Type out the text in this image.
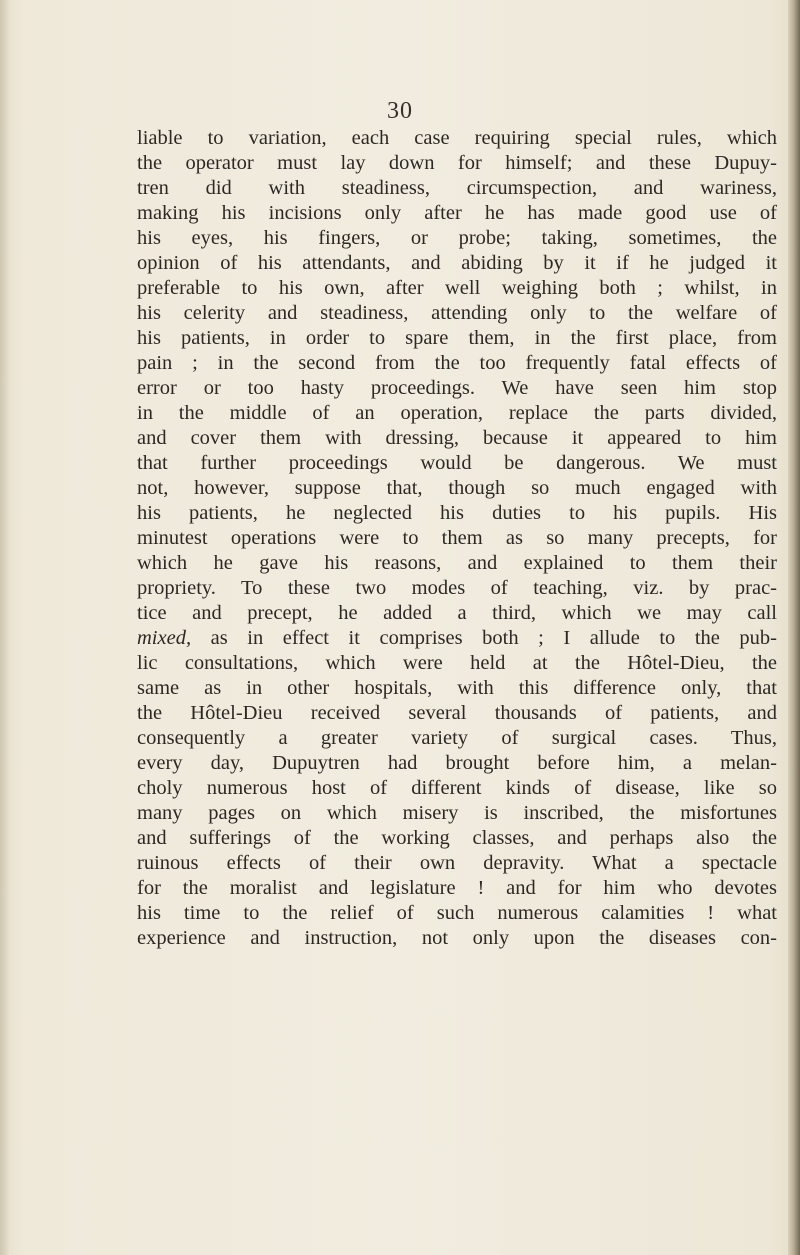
30
liable to variation, each case requiring special rules, which
the operator must lay down for himself; and these Dupuy-
tren did with steadiness, circumspection, and wariness,
making his incisions only after he has made good use of
his eyes, his fingers, or probe; taking, sometimes, the
opinion of his attendants, and abiding by it if he judged it
preferable to his own, after well weighing both ; whilst, in
his celerity and steadiness, attending only to the welfare of
his patients, in order to spare them, in the first place, from
pain ; in the second from the too frequently fatal effects of
error or too hasty proceedings. We have seen him stop
in the middle of an operation, replace the parts divided,
and cover them with dressing, because it appeared to him
that further proceedings would be dangerous. We must
not, however, suppose that, though so much engaged with
his patients, he neglected his duties to his pupils. His
minutest operations were to them as so many precepts, for
which he gave his reasons, and explained to them their
propriety. To these two modes of teaching, viz. by prac-
tice and precept, he added a third, which we may call
mixed, as in effect it comprises both ; I allude to the pub-
lic consultations, which were held at the Hôtel-Dieu, the
same as in other hospitals, with this difference only, that
the Hôtel-Dieu received several thousands of patients, and
consequently a greater variety of surgical cases. Thus,
every day, Dupuytren had brought before him, a melan-
choly numerous host of different kinds of disease, like so
many pages on which misery is inscribed, the misfortunes
and sufferings of the working classes, and perhaps also the
ruinous effects of their own depravity. What a spectacle
for the moralist and legislature ! and for him who devotes
his time to the relief of such numerous calamities ! what
experience and instruction, not only upon the diseases con-
